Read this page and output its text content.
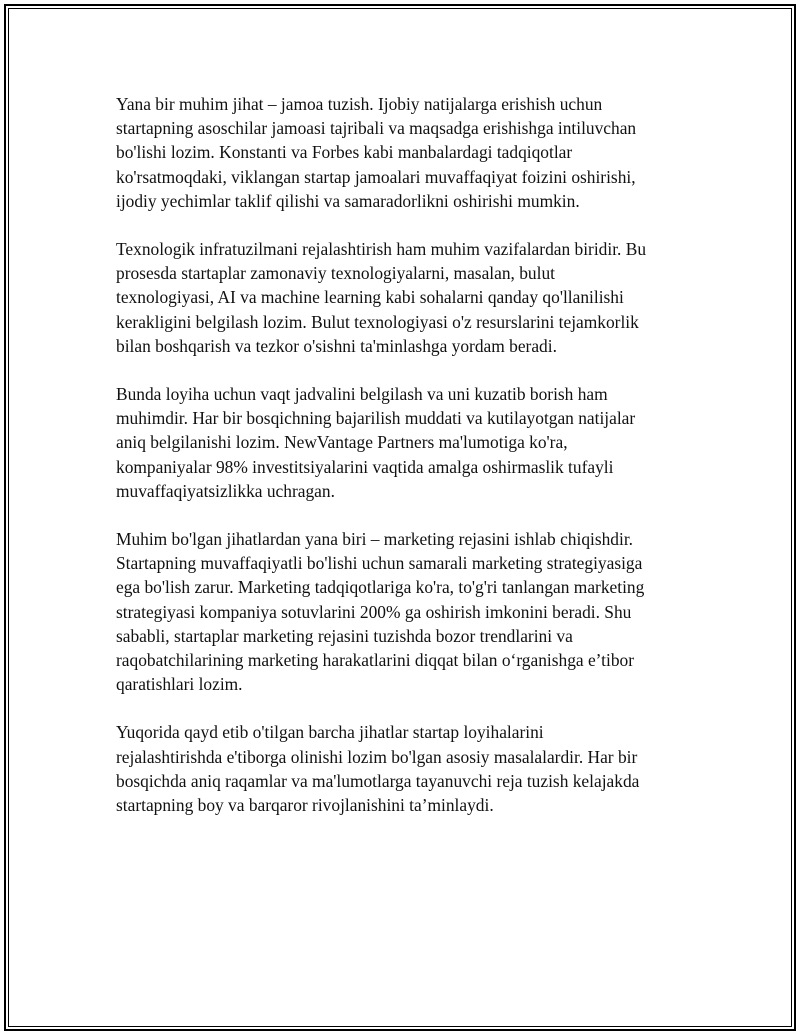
Yana bir muhim jihat – jamoa tuzish. Ijobiy natijalarga erishish uchun
startapning asoschilar jamoasi tajribali va maqsadga erishishga intiluvchan
bo'lishi lozim. Konstanti va Forbes kabi manbalardagi tadqiqotlar
ko'rsatmoqdaki, viklangan startap jamoalari muvaffaqiyat foizini oshirishi,
ijodiy yechimlar taklif qilishi va samaradorlikni oshirishi mumkin.

Texnologik infratuzilmani rejalashtirish ham muhim vazifalardan biridir. Bu
prosesda startaplar zamonaviy texnologiyalarni, masalan, bulut
texnologiyasi, AI va machine learning kabi sohalarni qanday qo'llanilishi
kerakligini belgilash lozim. Bulut texnologiyasi o'z resurslarini tejamkorlik
bilan boshqarish va tezkor o'sishni ta'minlashga yordam beradi.

Bunda loyiha uchun vaqt jadvalini belgilash va uni kuzatib borish ham
muhimdir. Har bir bosqichning bajarilish muddati va kutilayotgan natijalar
aniq belgilanishi lozim. NewVantage Partners ma'lumotiga ko'ra,
kompaniyalar 98% investitsiyalarini vaqtida amalga oshirmaslik tufayli
muvaffaqiyatsizlikka uchragan.

Muhim bo'lgan jihatlardan yana biri – marketing rejasini ishlab chiqishdir.
Startapning muvaffaqiyatli bo'lishi uchun samarali marketing strategiyasiga
ega bo'lish zarur. Marketing tadqiqotlariga ko'ra, to'g'ri tanlangan marketing
strategiyasi kompaniya sotuvlarini 200% ga oshirish imkonini beradi. Shu
sababli, startaplar marketing rejasini tuzishda bozor trendlarini va
raqobatchilarining marketing harakatlarini diqqat bilan o‘rganishga e’tibor
qaratishlari lozim.

Yuqorida qayd etib o'tilgan barcha jihatlar startap loyihalarini
rejalashtirishda e'tiborga olinishi lozim bo'lgan asosiy masalalardir. Har bir
bosqichda aniq raqamlar va ma'lumotlarga tayanuvchi reja tuzish kelajakda
startapning boy va barqaror rivojlanishini ta’minlaydi.
